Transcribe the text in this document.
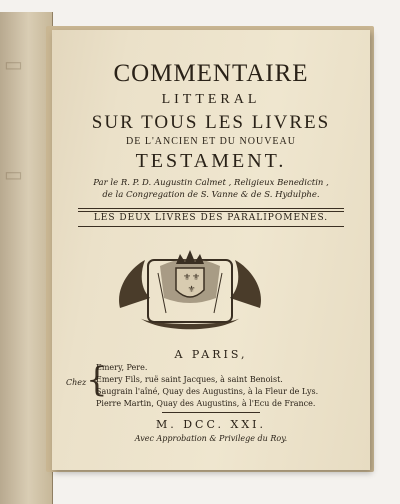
▭
▭
COMMENTAIRE
LITTERAL
SUR TOUS LES LIVRES
DE L'ANCIEN ET DU NOUVEAU
TESTAMENT.
Par le R. P. D. Augustin Calmet , Religieux Benedictin ,
de la Congregation de S. Vanne & de S. Hydulphe.
LES DEUX LIVRES DES PARALIPOMENES.
⚜ ⚜
⚜
A PARIS,
Chez {
Emery, Pere.
Emery Fils, ruë saint Jacques, à saint Benoist.
Saugrain l'aîné, Quay des Augustins, à la Fleur de Lys.
Pierre Martin, Quay des Augustins, à l'Ecu de France.
M. DCC. XXI.
Avec Approbation & Privilege du Roy.
